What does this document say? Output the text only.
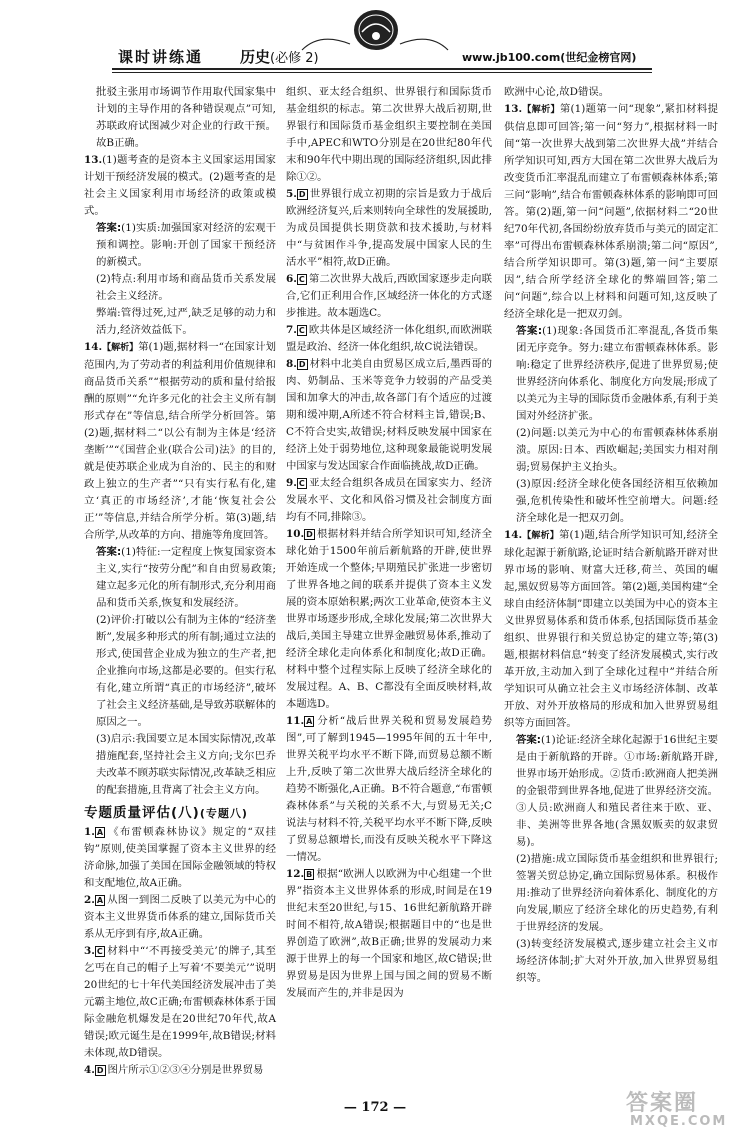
课时讲练通 历史(必修 2)	www.jb100.com(世纪金榜官网)

批驳主张用市场调节作用取代国家集中计划的主导作用的各种错误观点”可知,苏联政府试图减少对企业的行政干预。故B正确。

13.(1)题考查的是资本主义国家运用国家计划干预经济发展的模式。(2)题考查的是社会主义国家利用市场经济的政策或模式。

答案:(1)实质:加强国家对经济的宏观干预和调控。影响:开创了国家干预经济的新模式。

(2)特点:利用市场和商品货币关系发展社会主义经济。

弊端:管得过死,过严,缺乏足够的动力和活力,经济效益低下。

14.【解析】第(1)题,据材料一“在国家计划范围内,为了劳动者的利益利用价值规律和商品货币关系”“根据劳动的质和量付给报酬的原则”“允许多元化的社会主义所有制形式存在”等信息,结合所学分析回答。第(2)题,据材料二“以公有制为主体是‘经济垄断’”“《国营企业(联合公司)法》的目的,就是使苏联企业成为自治的、民主的和财政上独立的生产者”“只有实行私有化,建立‘真正的市场经济’,才能‘恢复社会公正’”等信息,并结合所学分析。第(3)题,结合所学,从改革的方向、措施等角度回答。

答案:(1)特征:一定程度上恢复国家资本主义,实行“按劳分配”和自由贸易政策;建立起多元化的所有制形式,充分利用商品和货币关系,恢复和发展经济。

(2)评价:打破以公有制为主体的“经济垄断”,发展多种形式的所有制;通过立法的形式,使国营企业成为独立的生产者,把企业推向市场,这都是必要的。但实行私有化,建立所谓“真正的市场经济”,破坏了社会主义经济基础,是导致苏联解体的原因之一。

(3)启示:我国要立足本国实际情况,改革措施配套,坚持社会主义方向;戈尔巴乔夫改革不顾苏联实际情况,改革缺乏相应的配套措施,且背离了社会主义方向。

专题质量评估(八)(专题八)

1. A 《布雷顿森林协议》规定的“双挂钩”原则,使美国掌握了资本主义世界的经济命脉,加强了美国在国际金融领域的特权和支配地位,故A正确。

2. A 从图一到图二反映了以美元为中心的资本主义世界货币体系的建立,国际货币关系从无序到有序,故A正确。

3. C 材料中“‘不再接受美元’的牌子,其至乞丐在自己的帽子上写着‘不要美元’”说明20世纪的七十年代美国经济发展冲击了美元霸主地位,故C正确;布雷顿森林体系于国际金融危机爆发是在20世纪70年代,故A错误;欧元诞生是在1999年,故B错误;材料未体现,故D错误。

4. D 图片所示①②③④分别是世界贸易

组织、亚太经合组织、世界银行和国际货币基金组织的标志。第二次世界大战后初期,世界银行和国际货币基金组织主要控制在美国手中,APEC和WTO分别是在20世纪80年代末和90年代中期出现的国际经济组织,因此排除①②。

5. D 世界银行成立初期的宗旨是致力于战后欧洲经济复兴,后来则转向全球性的发展援助,为成员国提供长期贷款和技术援助,与材料中“与贫困作斗争,提高发展中国家人民的生活水平”相符,故D正确。

6. C 第二次世界大战后,西欧国家逐步走向联合,它们正利用合作,区域经济一体化的方式逐步推进。故本题选C。

7. C 欧共体是区域经济一体化组织,而欧洲联盟是政治、经济一体化组织,故C说法错误。

8. D 材料中北美自由贸易区成立后,墨西哥的肉、奶制品、玉米等竞争力较弱的产品受美国和加拿大的冲击,故各部门有个适应的过渡期和缓冲期,A所述不符合材料主旨,错误;B、C不符合史实,故错误;材料反映发展中国家在经济上处于弱势地位,这种现象最能说明发展中国家与发达国家合作面临挑战,故D正确。

9. C 亚太经合组织各成员在国家实力、经济发展水平、文化和风俗习惯及社会制度方面均有不同,排除③。

10. D 根据材料并结合所学知识可知,经济全球化始于1500年前后新航路的开辟,使世界开始连成一个整体;早期殖民扩张进一步密切了世界各地之间的联系并提供了资本主义发展的资本原始积累;两次工业革命,使资本主义世界市场逐步形成,全球化发展;第二次世界大战后,美国主导建立世界金融贸易体系,推动了经济全球化走向体系化和制度化;故D正确。材料中整个过程实际上反映了经济全球化的发展过程。A、B、C都没有全面反映材料,故本题选D。

11. A 分析“战后世界关税和贸易发展趋势图”,可了解到1945—1995年间的五十年中,世界关税平均水平不断下降,而贸易总额不断上升,反映了第二次世界大战后经济全球化的趋势不断强化,A正确。B不符合题意,“布雷顿森林体系”与关税的关系不大,与贸易无关;C说法与材料不符,关税平均水平不断下降,反映了贸易总额增长,而没有反映关税水平下降这一情况。

12. B 根据“欧洲人以欧洲为中心组建一个世界”指资本主义世界体系的形成,时间是在19世纪末至20世纪,与15、16世纪新航路开辟时间不相符,故A错误;根据题目中的“也是世界创造了欧洲”,故B正确;世界的发展动力来源于世界上的每一个国家和地区,故C错误;世界贸易是因为世界上国与国之间的贸易不断发展而产生的,并非是因为

欧洲中心论,故D错误。

13.【解析】第(1)题第一问“现象”,紧扣材料提供信息即可回答;第一问“努力”,根据材料一时间“第一次世界大战到第二次世界大战”并结合所学知识可知,西方大国在第二次世界大战后为改变货币汇率混乱而建立了布雷顿森林体系;第三问“影响”,结合布雷顿森林体系的影响即可回答。第(2)题,第一问“问题”,依据材料二“20世纪70年代初,各国纷纷放弃货币与美元的固定汇率”可得出布雷顿森林体系崩溃;第二问“原因”,结合所学知识即可。第(3)题,第一问“主要原因”,结合所学经济全球化的弊端回答;第二问“问题”,综合以上材料和问题可知,这反映了经济全球化是一把双刃剑。

答案:(1)现象:各国货币汇率混乱,各货币集团无序竞争。努力:建立布雷顿森林体系。影响:稳定了世界经济秩序,促进了世界贸易;使世界经济向体系化、制度化方向发展;形成了以美元为主导的国际货币金融体系,有利于美国对外经济扩张。

(2)问题:以美元为中心的布雷顿森林体系崩溃。原因:日本、西欧崛起;美国实力相对削弱;贸易保护主义抬头。

(3)原因:经济全球化使各国经济相互依赖加强,危机传染性和破坏性空前增大。问题:经济全球化是一把双刃剑。

14.【解析】第(1)题,结合所学知识可知,经济全球化起源于新航路,论证时结合新航路开辟对世界市场的影响、财富大迁移,荷兰、英国的崛起,黑奴贸易等方面回答。第(2)题,美国构建“全球自由经济体制”即建立以美国为中心的资本主义世界贸易体系和货币体系,包括国际货币基金组织、世界银行和关贸总协定的建立等;第(3)题,根据材料信息“转变了经济发展模式,实行改革开放,主动加入到了全球化过程中”并结合所学知识可从确立社会主义市场经济体制、改革开放、对外开放格局的形成和加入世界贸易组织等方面回答。

答案:(1)论证:经济全球化起源于16世纪主要是由于新航路的开辟。①市场:新航路开辟,世界市场开始形成。②货币:欧洲商人把美洲的金银带到世界各地,促进了世界经济交流。③人员:欧洲商人和殖民者往来于欧、亚、非、美洲等世界各地(含黑奴贩卖的奴隶贸易)。

(2)措施:成立国际货币基金组织和世界银行;签署关贸总协定,确立国际贸易体系。积极作用:推动了世界经济向着体系化、制度化的方向发展,顺应了经济全球化的历史趋势,有利于世界经济的发展。

(3)转变经济发展模式,逐步建立社会主义市场经济体制;扩大对外开放,加入世界贸易组织等。

— 172 —	答案圈
MXQE.COM
